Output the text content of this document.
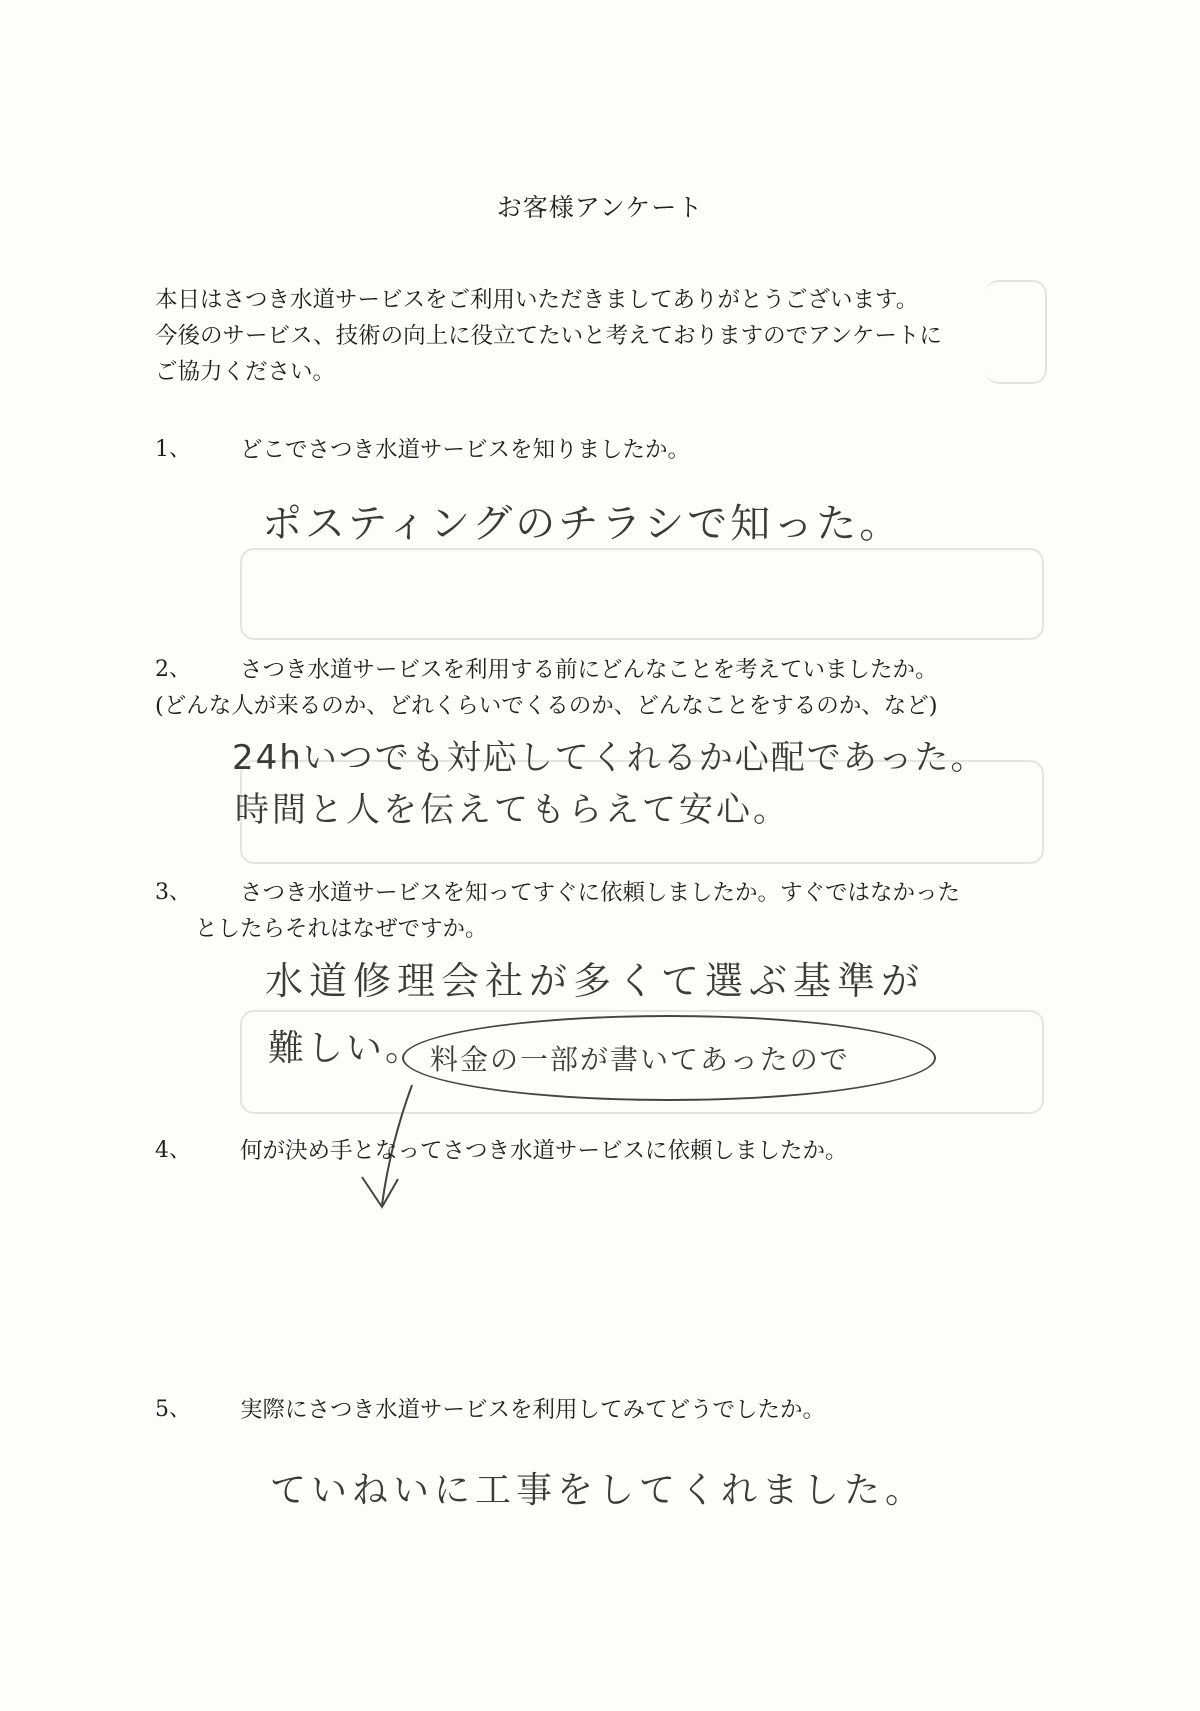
お客様アンケート
本日はさつき水道サービスをご利用いただきましてありがとうございます。
今後のサービス、技術の向上に役立てたいと考えておりますのでアンケートに
ご協力ください。
1、 どこでさつき水道サービスを知りましたか。
ポスティングのチラシで知った。
2、 さつき水道サービスを利用する前にどんなことを考えていましたか。
(どんな人が来るのか、どれくらいでくるのか、どんなことをするのか、など)
24hいつでも対応してくれるか心配であった。
時間と人を伝えてもらえて安心。
3、 さつき水道サービスを知ってすぐに依頼しましたか。すぐではなかった
としたらそれはなぜですか。
水道修理会社が多くて選ぶ基準が
難しい。 料金の一部が書いてあったので
4、 何が決め手となってさつき水道サービスに依頼しましたか。
5、 実際にさつき水道サービスを利用してみてどうでしたか。
ていねいに工事をしてくれました。
